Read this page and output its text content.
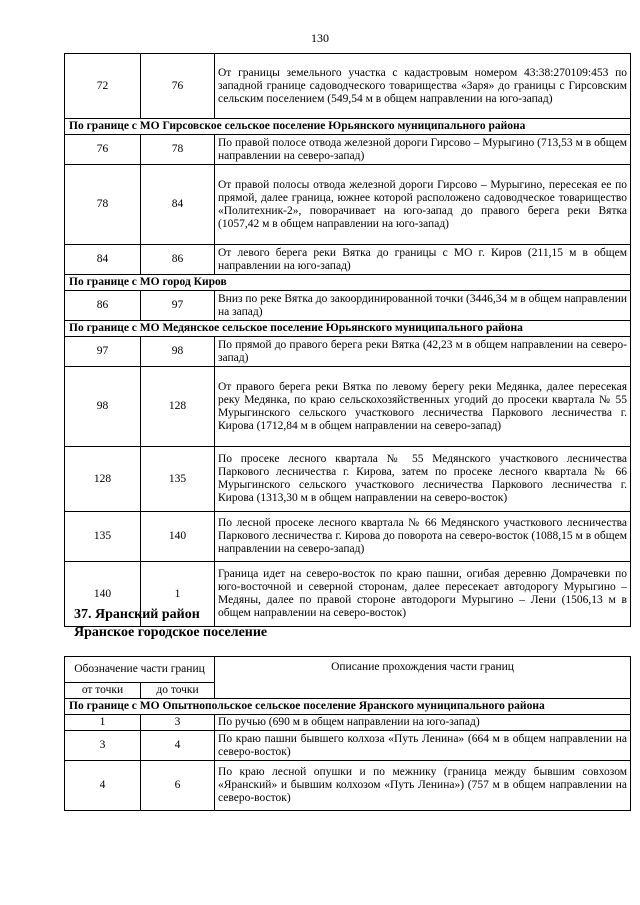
130
72	76	От границы земельного участка с кадастровым номером 43:38:270109:453 по западной границе садоводческого товарищества «Заря» до границы с Гирсовским сельским поселением (549,54 м в общем направлении на юго-запад)
По границе с МО Гирсовское сельское поселение Юрьянского муниципального района		
76	78	По правой полосе отвода железной дороги Гирсово – Мурыгино (713,53 м в общем направлении на северо-запад)
78	84	От правой полосы отвода железной дороги Гирсово – Мурыгино, пересекая ее по прямой, далее граница, южнее которой расположено садоводческое товарищество «Политехник-2», поворачивает на юго-запад до правого берега реки Вятка (1057,42 м в общем направлении на юго-запад)
84	86	От левого берега реки Вятка до границы с МО г. Киров (211,15 м в общем направлении на юго-запад)
По границе с МО город Киров		
86	97	Вниз по реке Вятка до закоординированной точки (3446,34 м в общем направлении на запад)
По границе с МО Медянское сельское поселение Юрьянского муниципального района		
97	98	По прямой до правого берега реки Вятка (42,23 м в общем направлении на северо-запад)
98	128	От правого берега реки Вятка по левому берегу реки Медянка, далее пересекая реку Медянка, по краю сельскохозяйственных угодий до просеки квартала № 55 Мурыгинского сельского участкового лесничества Паркового лесничества г. Кирова (1712,84 м в общем направлении на северо-запад)
128	135	По просеке лесного квартала № 55 Медянского участкового лесничества Паркового лесничества г. Кирова, затем по просеке лесного квартала № 66 Мурыгинского сельского участкового лесничества Паркового лесничества г. Кирова (1313,30 м в общем направлении на северо-восток)
135	140	По лесной просеке лесного квартала № 66 Медянского участкового лесничества Паркового лесничества г. Кирова до поворота на северо-восток (1088,15 м в общем направлении на северо-запад)
140	1	Граница идет на северо-восток по краю пашни, огибая деревню Домрачевки по юго-восточной и северной сторонам, далее пересекает автодорогу Мурыгино – Медяны, далее по правой стороне автодороги Мурыгино – Лени (1506,13 м в общем направлении на северо-восток)
37. Яранский район
Яранское городское поселение
Обозначение части границ		Описание прохождения части границ
от точки	до точки	
По границе с МО Опытнопольское сельское поселение Яранского муниципального района		
1	3	По ручью (690 м в общем направлении на юго-запад)
3	4	По краю пашни бывшего колхоза «Путь Ленина» (664 м в общем направлении на северо-восток)
4	6	По краю лесной опушки и по межнику (граница между бывшим совхозом «Яранский» и бывшим колхозом «Путь Ленина») (757 м в общем направлении на северо-восток)
